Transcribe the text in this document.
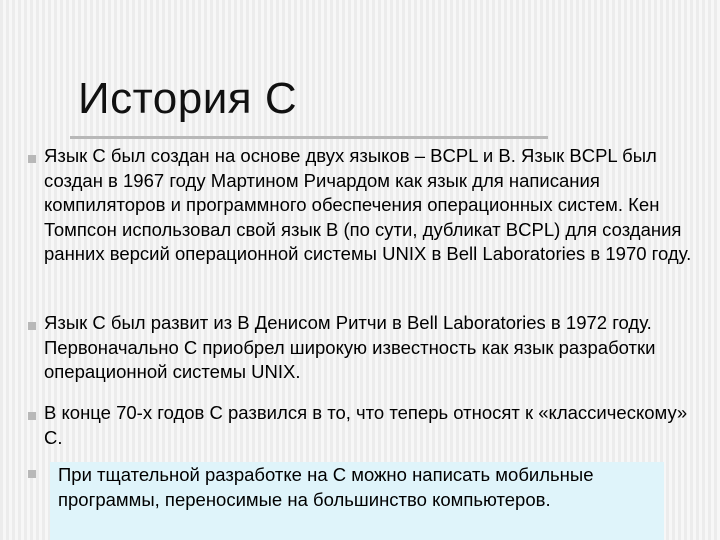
История С

Язык С был создан на основе двух языков – BCPL и B. Язык BCPL был создан в 1967 году Мартином Ричардом как язык для написания компиляторов и программного обеспечения операционных систем. Кен Томпсон использовал свой язык B (по сути, дубликат BCPL) для создания ранних версий операционной системы UNIX в Bell Laboratories в 1970 году.

Язык С был развит из B Денисом Ритчи в Bell Laboratories в 1972 году. Первоначально С приобрел широкую известность как язык разработки операционной системы UNIX.

В конце 70-х годов С развился в то, что теперь относят к «классическому» С.

При тщательной разработке на С можно написать мобильные программы, переносимые на большинство компьютеров.
